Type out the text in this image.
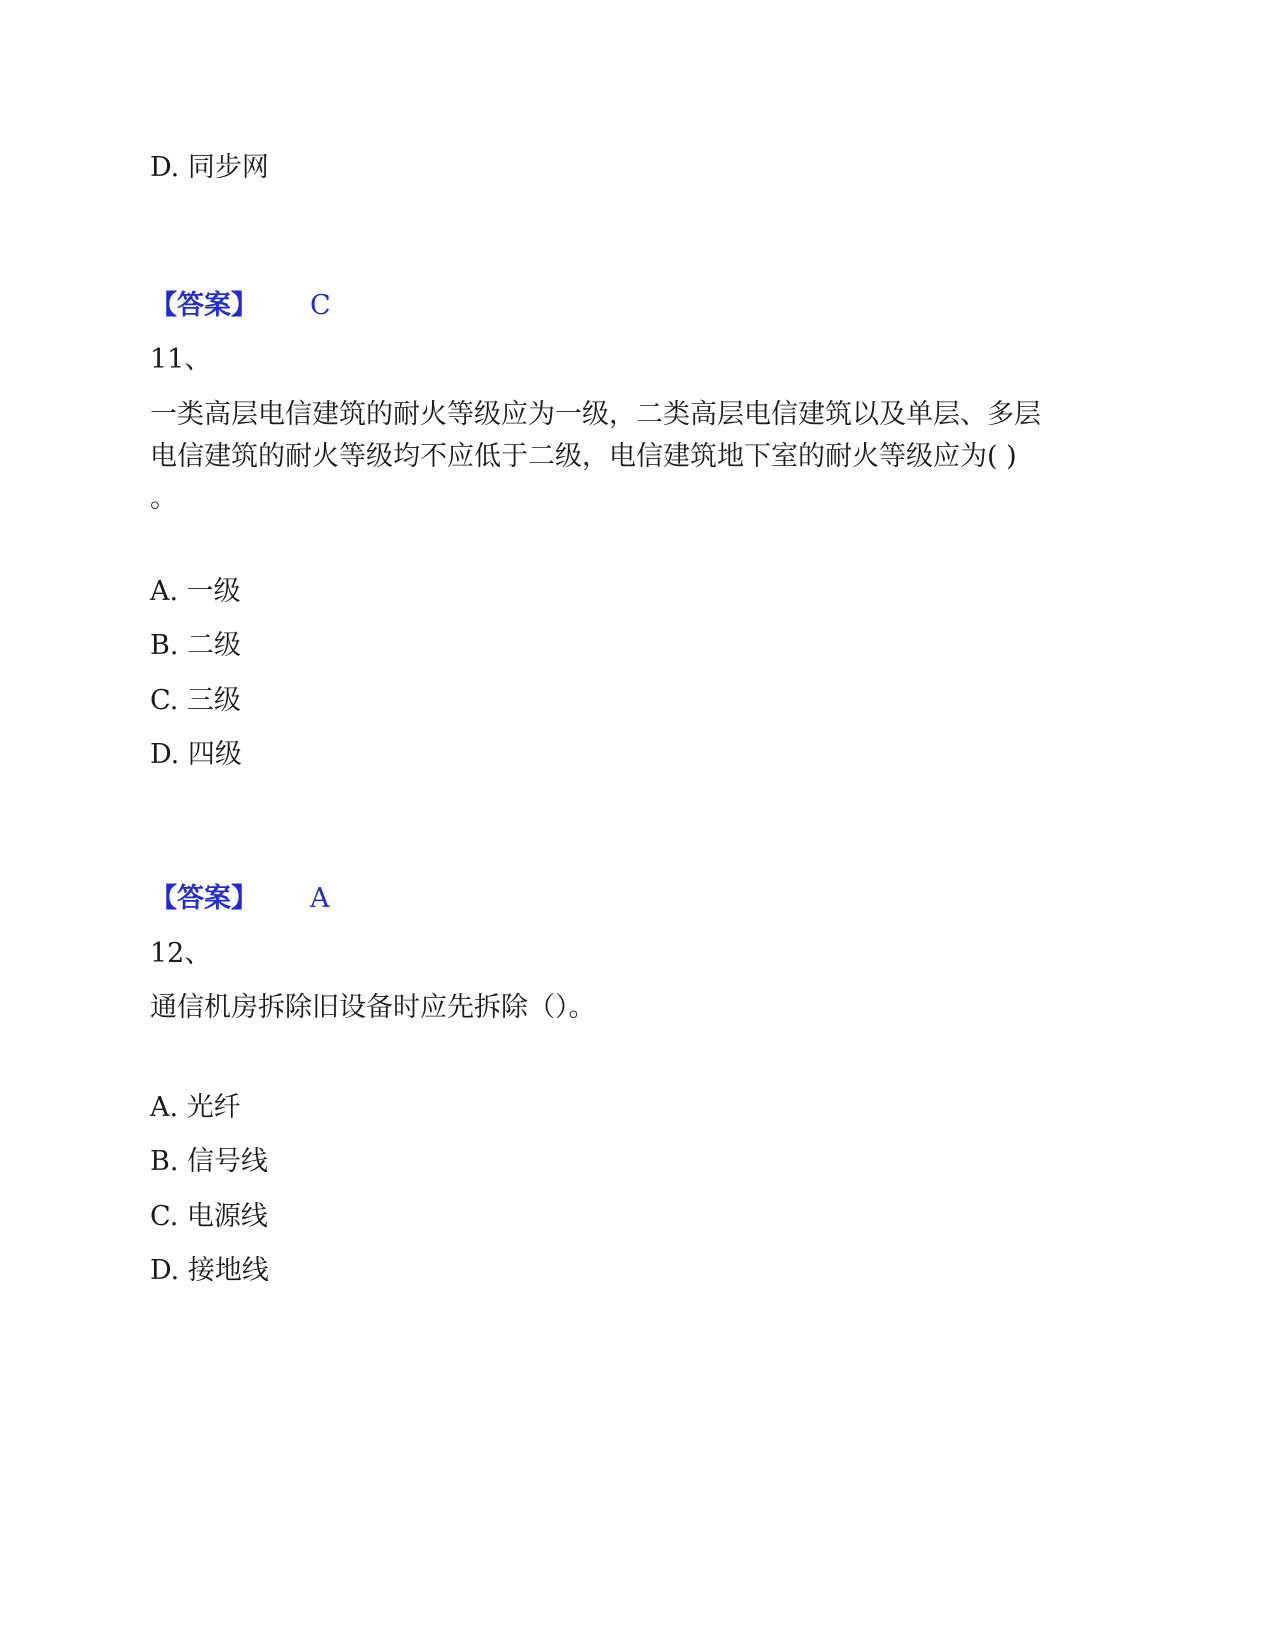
D. 同步网
【答案】 C
11、
一类高层电信建筑的耐火等级应为一级，二类高层电信建筑以及单层、多层
电信建筑的耐火等级均不应低于二级，电信建筑地下室的耐火等级应为( )
。
A. 一级
B. 二级
C. 三级
D. 四级
【答案】 A
12、
通信机房拆除旧设备时应先拆除（）。
A. 光纤
B. 信号线
C. 电源线
D. 接地线
